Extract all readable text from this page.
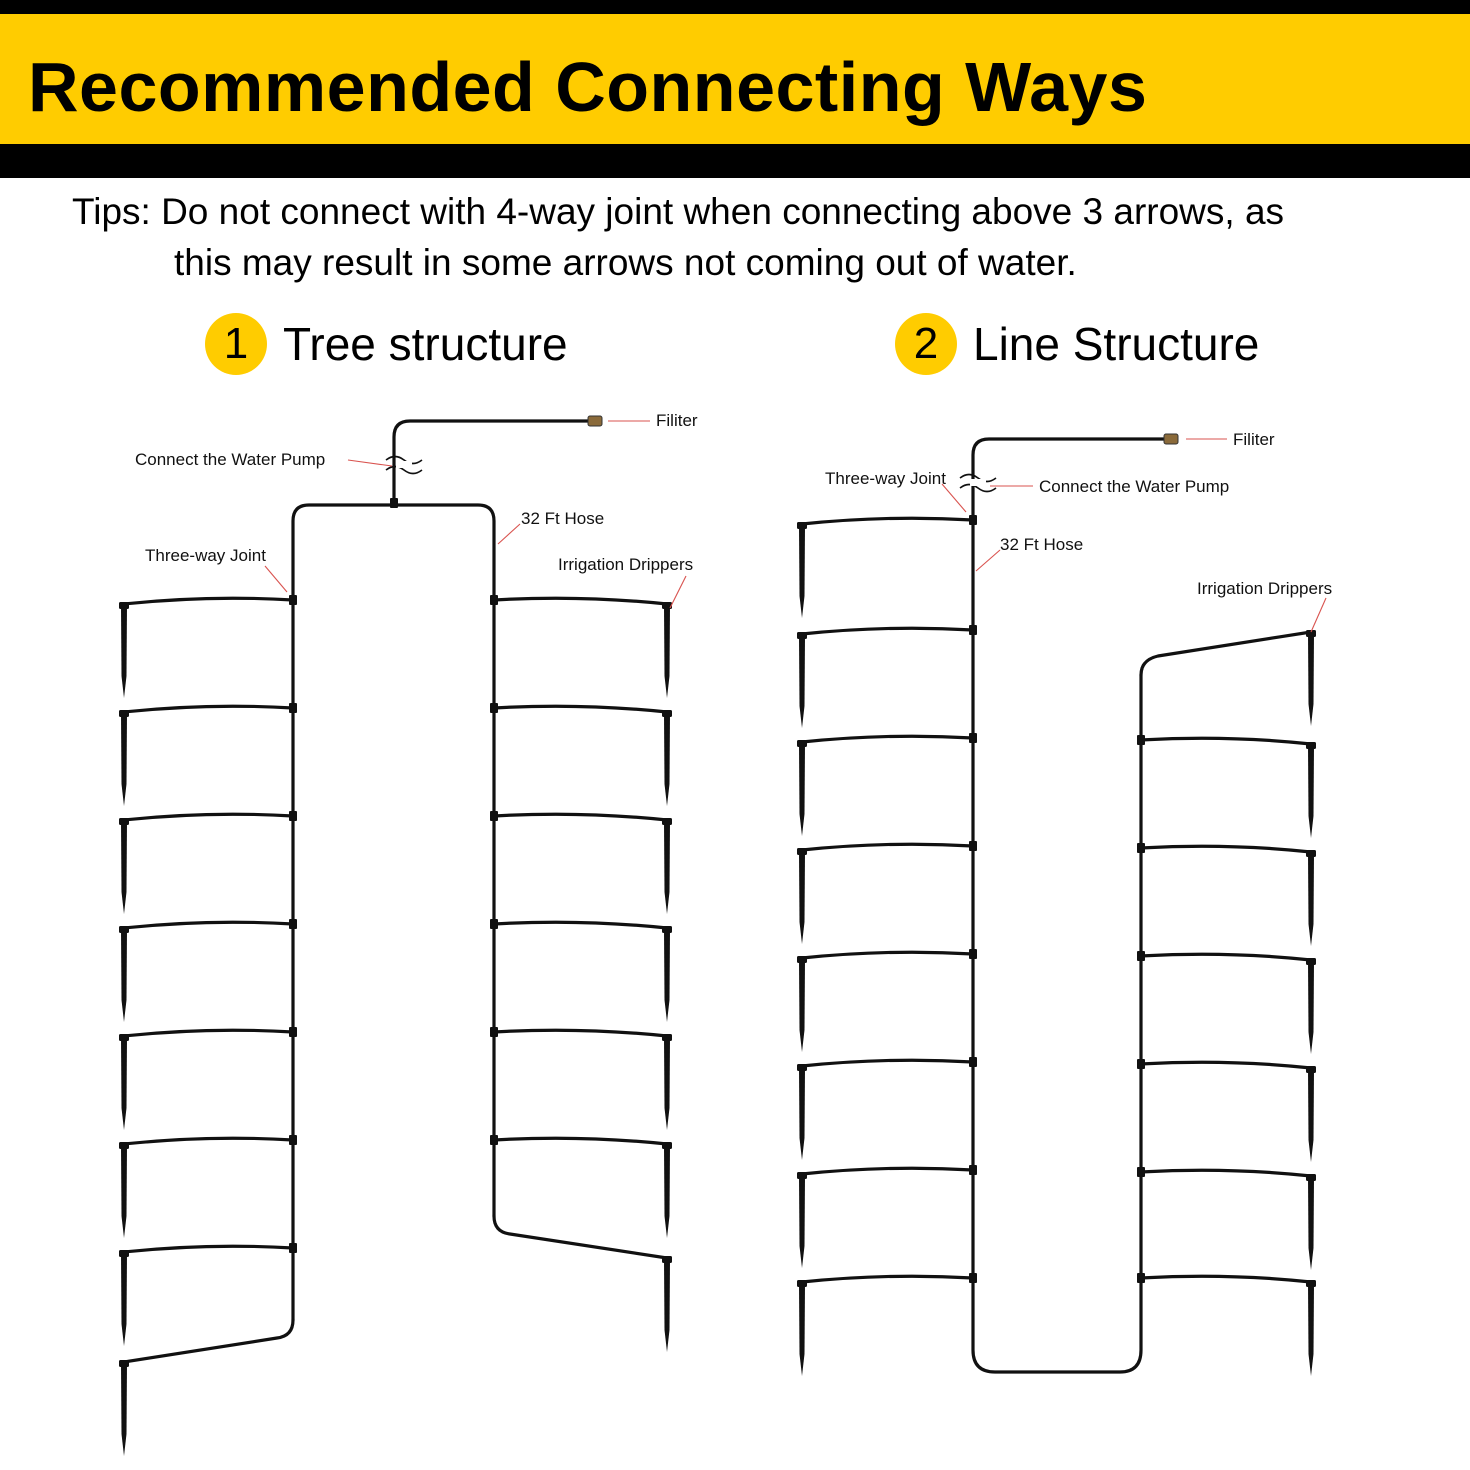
Recommended Connecting Ways
Tips: Do not connect with 4-way joint when connecting above 3 arrows, as
this may result in some arrows not coming out of water.
1 Tree structure	2 Line Structure
Filiter
Connect the Water Pump
32 Ft Hose
Three-way Joint	Irrigation Drippers
Filiter
Three-way Joint	Connect the Water Pump
32 Ft Hose
Irrigation Drippers
